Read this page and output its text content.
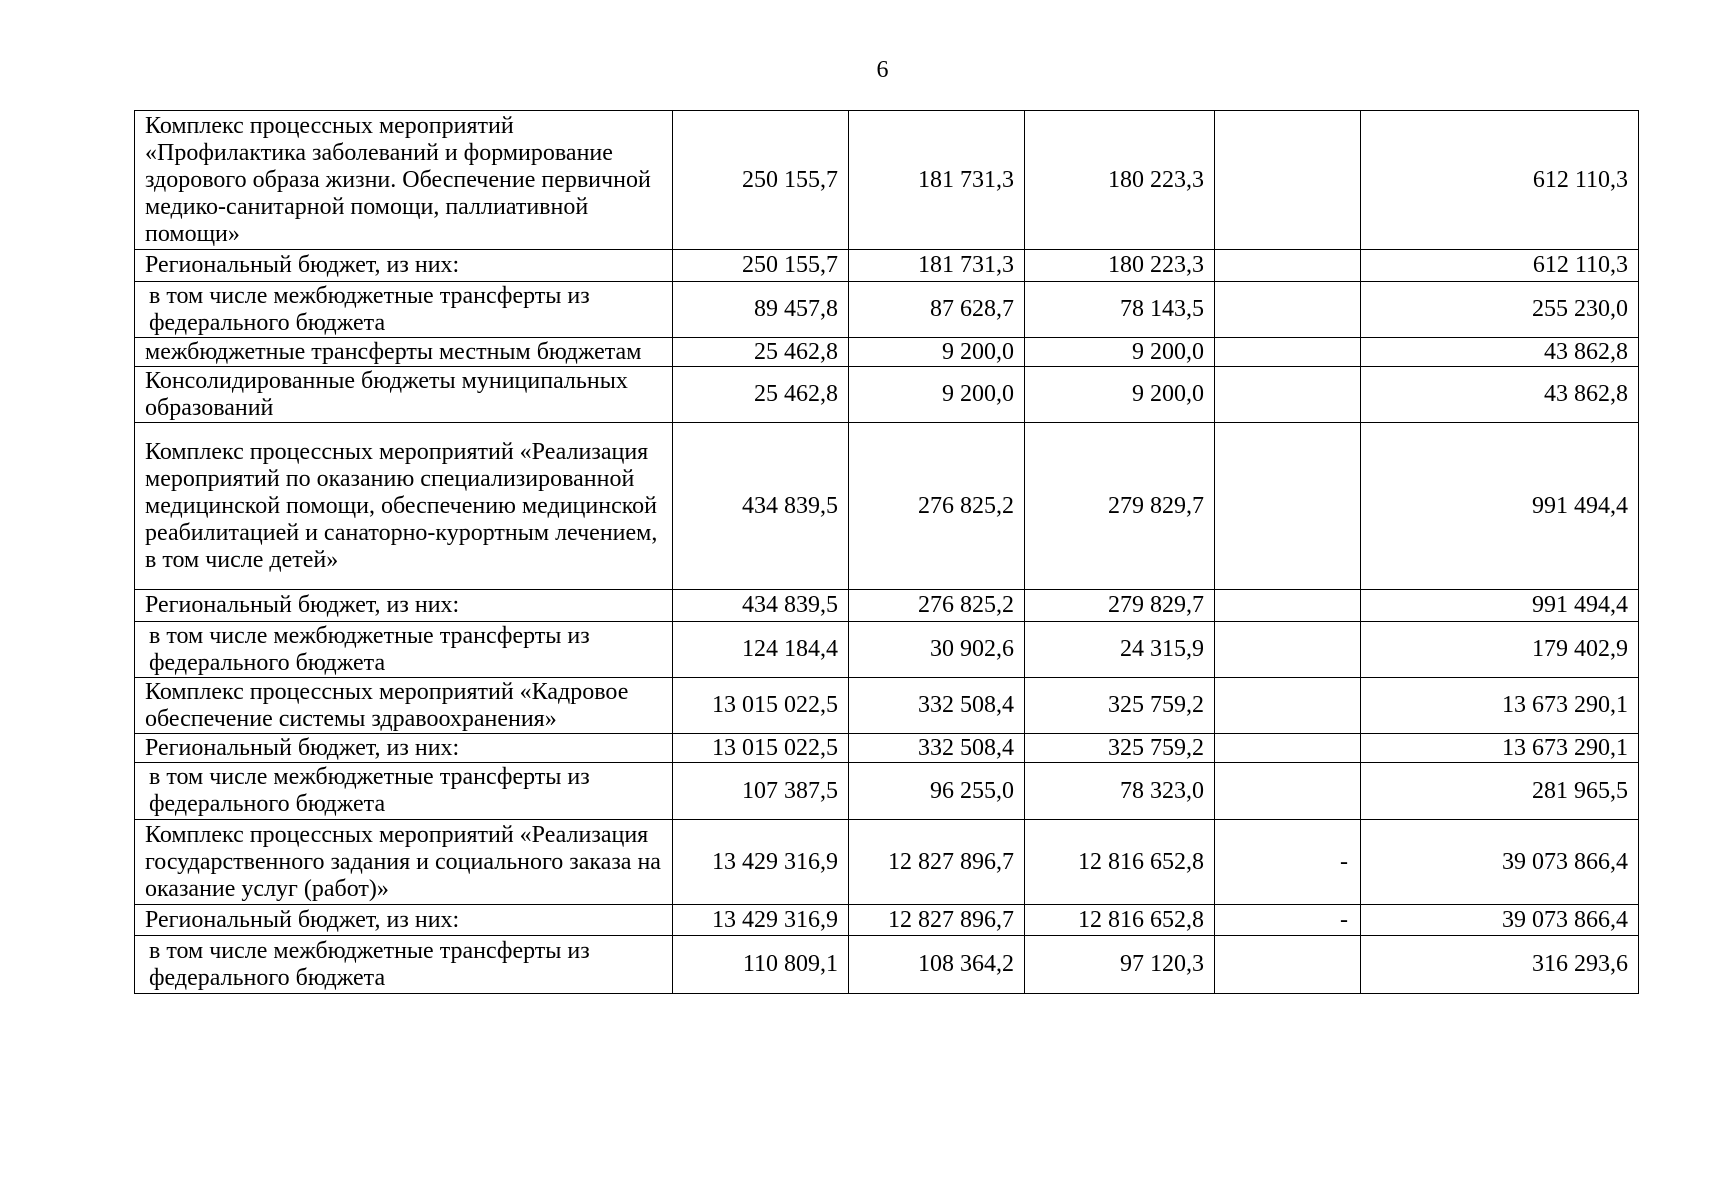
6
Комплекс процессных мероприятий «Профилактика заболеваний и формирование здорового образа жизни. Обеспечение первичной медико-санитарной помощи, паллиативной помощи»	250 155,7	181 731,3	180 223,3		612 110,3
Региональный бюджет, из них:	250 155,7	181 731,3	180 223,3		612 110,3
в том числе межбюджетные трансферты из федерального бюджета	89 457,8	87 628,7	78 143,5		255 230,0
межбюджетные трансферты местным бюджетам	25 462,8	9 200,0	9 200,0		43 862,8
Консолидированные бюджеты муниципальных образований	25 462,8	9 200,0	9 200,0		43 862,8
Комплекс процессных мероприятий «Реализация мероприятий по оказанию специализированной медицинской помощи, обеспечению медицинской реабилитацией и санаторно-курортным лечением, в том числе детей»	434 839,5	276 825,2	279 829,7		991 494,4
Региональный бюджет, из них:	434 839,5	276 825,2	279 829,7		991 494,4
в том числе межбюджетные трансферты из федерального бюджета	124 184,4	30 902,6	24 315,9		179 402,9
Комплекс процессных мероприятий «Кадровое обеспечение системы здравоохранения»	13 015 022,5	332 508,4	325 759,2		13 673 290,1
Региональный бюджет, из них:	13 015 022,5	332 508,4	325 759,2		13 673 290,1
в том числе межбюджетные трансферты из федерального бюджета	107 387,5	96 255,0	78 323,0		281 965,5
Комплекс процессных мероприятий «Реализация государственного задания и социального заказа на оказание услуг (работ)»	13 429 316,9	12 827 896,7	12 816 652,8	-	39 073 866,4
Региональный бюджет, из них:	13 429 316,9	12 827 896,7	12 816 652,8	-	39 073 866,4
в том числе межбюджетные трансферты из федерального бюджета	110 809,1	108 364,2	97 120,3		316 293,6
